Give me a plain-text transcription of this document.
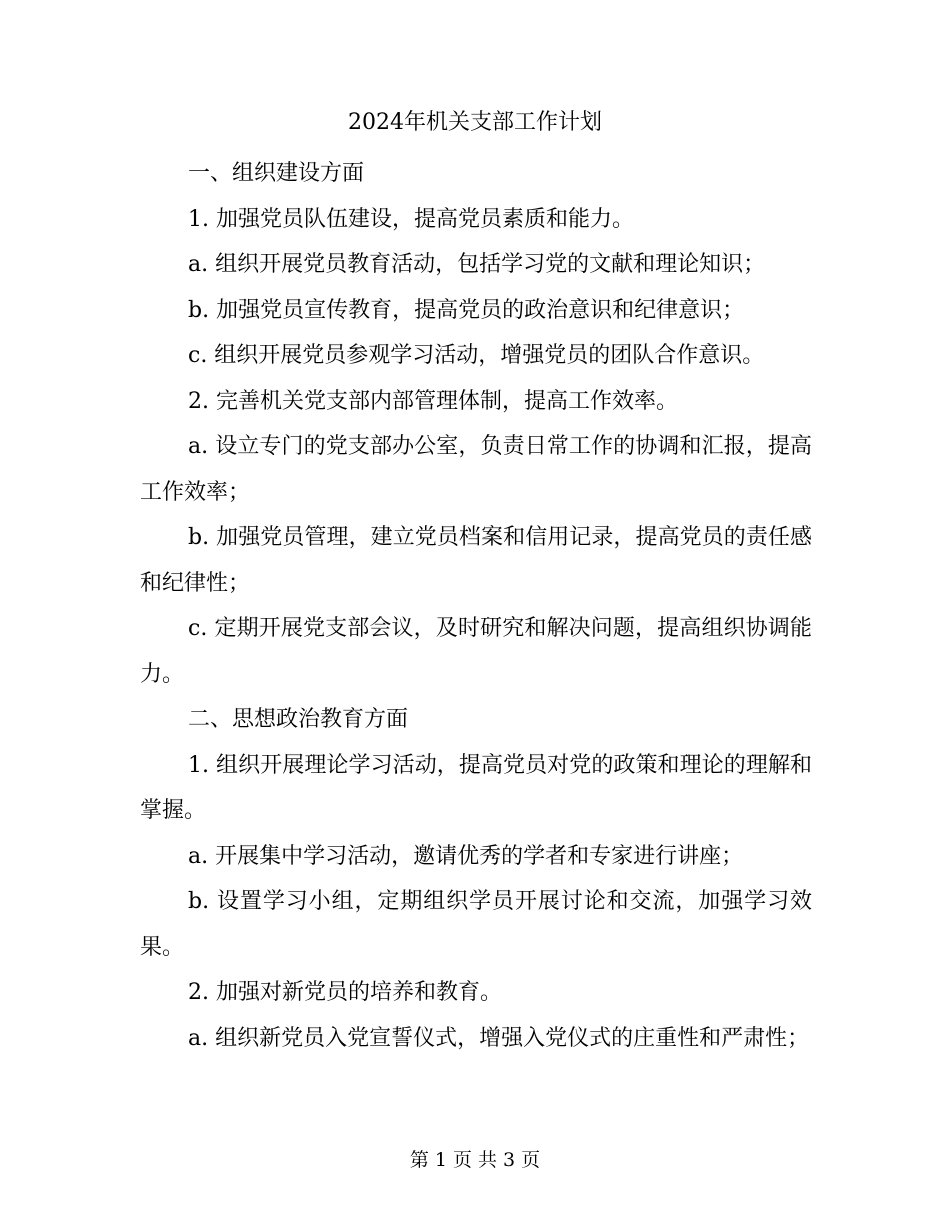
2024年机关支部工作计划

一、组织建设方面

1. 加强党员队伍建设，提高党员素质和能力。

a. 组织开展党员教育活动，包括学习党的文献和理论知识；

b. 加强党员宣传教育，提高党员的政治意识和纪律意识；

c. 组织开展党员参观学习活动，增强党员的团队合作意识。

2. 完善机关党支部内部管理体制，提高工作效率。

a. 设立专门的党支部办公室，负责日常工作的协调和汇报，提高工作效率；

b. 加强党员管理，建立党员档案和信用记录，提高党员的责任感和纪律性；

c. 定期开展党支部会议，及时研究和解决问题，提高组织协调能力。

二、思想政治教育方面

1. 组织开展理论学习活动，提高党员对党的政策和理论的理解和掌握。

a. 开展集中学习活动，邀请优秀的学者和专家进行讲座；

b. 设置学习小组，定期组织学员开展讨论和交流，加强学习效果。

2. 加强对新党员的培养和教育。

a. 组织新党员入党宣誓仪式，增强入党仪式的庄重性和严肃性；

第 1 页 共 3 页
